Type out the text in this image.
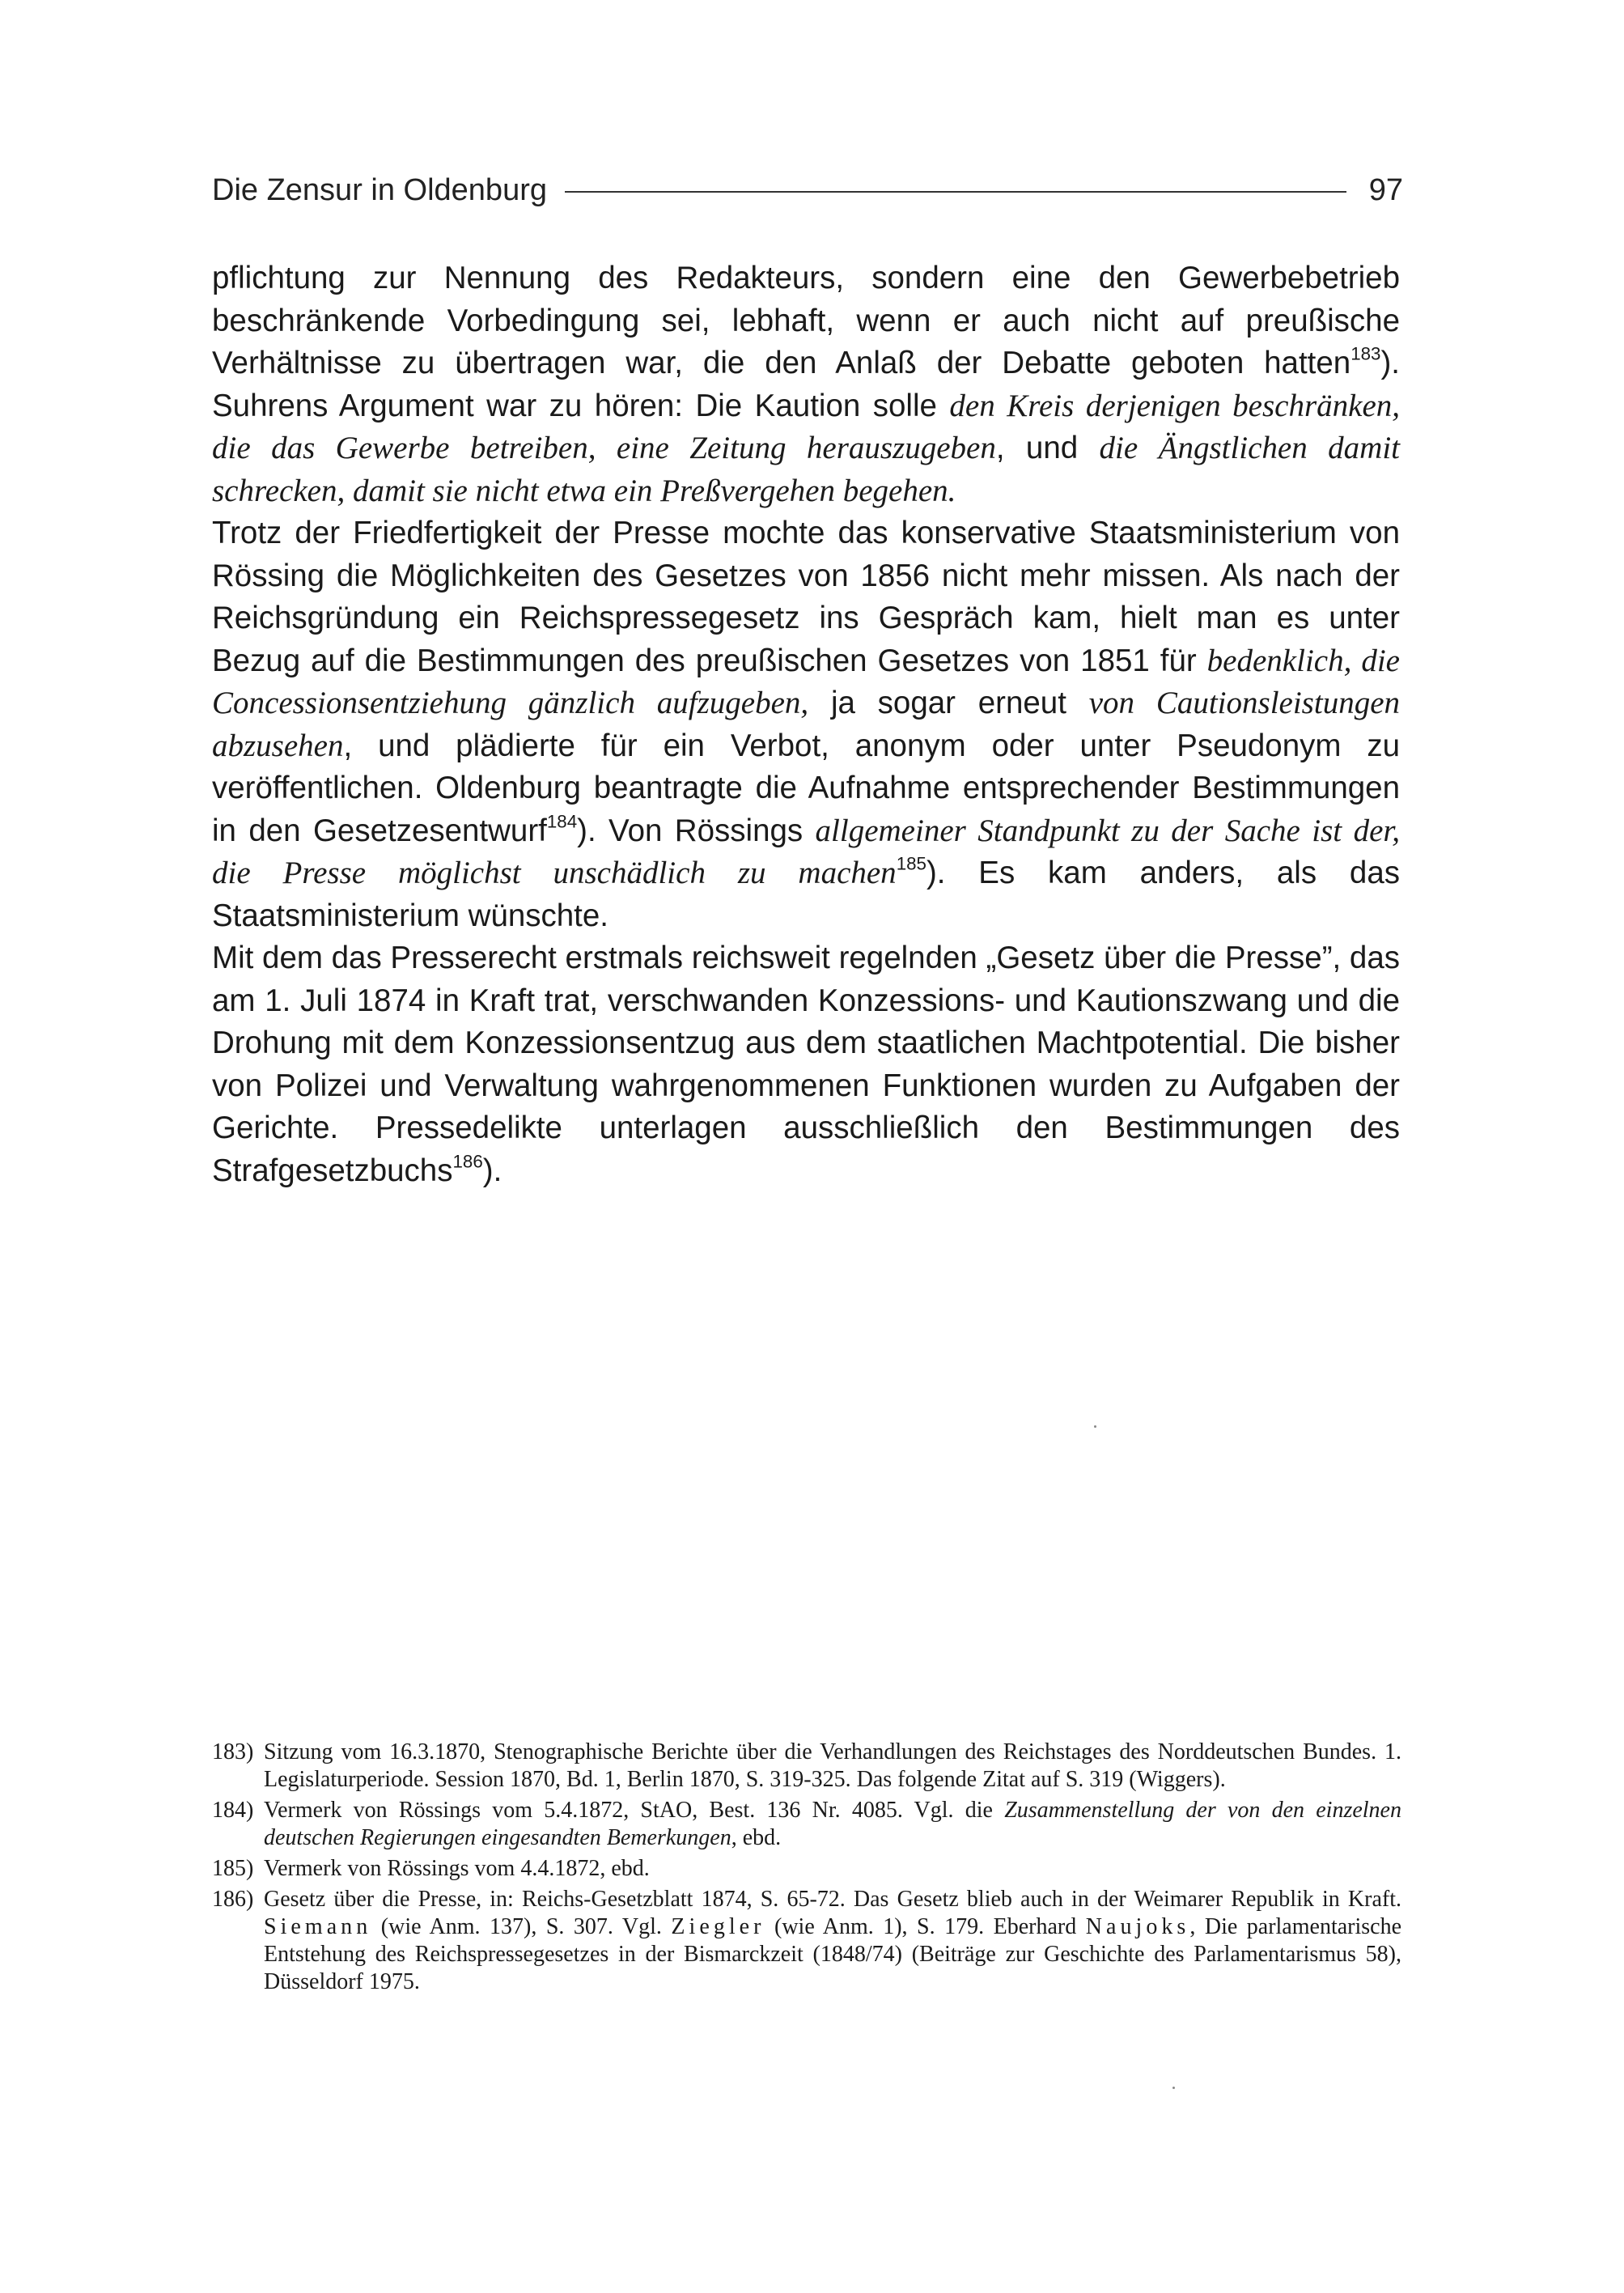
Die Zensur in Oldenburg	97

pflichtung zur Nennung des Redakteurs, sondern eine den Gewerbebetrieb beschränkende Vorbedingung sei, lebhaft, wenn er auch nicht auf preußische Verhältnisse zu übertragen war, die den Anlaß der Debatte geboten hatten$^{183}$). Suhrens Argument war zu hören: Die Kaution solle den Kreis derjenigen beschränken, die das Gewerbe betreiben, eine Zeitung herauszugeben, und die Ängstlichen damit schrecken, damit sie nicht etwa ein Preßvergehen begehen.

Trotz der Friedfertigkeit der Presse mochte das konservative Staatsministerium von Rössing die Möglichkeiten des Gesetzes von 1856 nicht mehr missen. Als nach der Reichsgründung ein Reichspressegesetz ins Gespräch kam, hielt man es unter Bezug auf die Bestimmungen des preußischen Gesetzes von 1851 für bedenklich, die Concessionsentziehung gänzlich aufzugeben, ja sogar erneut von Cautionsleistungen abzusehen, und plädierte für ein Verbot, anonym oder unter Pseudonym zu veröffentlichen. Oldenburg beantragte die Aufnahme entsprechender Bestimmungen in den Gesetzesentwurf$^{184}$). Von Rössings allgemeiner Standpunkt zu der Sache ist der, die Presse möglichst unschädlich zu machen$^{185}$). Es kam anders, als das Staatsministerium wünschte.

Mit dem das Presserecht erstmals reichsweit regelnden „Gesetz über die Presse”, das am 1. Juli 1874 in Kraft trat, verschwanden Konzessions- und Kautionszwang und die Drohung mit dem Konzessionsentzug aus dem staatlichen Machtpotential. Die bisher von Polizei und Verwaltung wahrgenommenen Funktionen wurden zu Aufgaben der Gerichte. Pressedelikte unterlagen ausschließlich den Bestimmungen des Strafgesetzbuchs$^{186}$).

183) Sitzung vom 16.3.1870, Stenographische Berichte über die Verhandlungen des Reichstages des Norddeutschen Bundes. 1. Legislaturperiode. Session 1870, Bd. 1, Berlin 1870, S. 319-325. Das folgende Zitat auf S. 319 (Wiggers).
184) Vermerk von Rössings vom 5.4.1872, StAO, Best. 136 Nr. 4085. Vgl. die Zusammenstellung der von den einzelnen deutschen Regierungen eingesandten Bemerkungen, ebd.
185) Vermerk von Rössings vom 4.4.1872, ebd.
186) Gesetz über die Presse, in: Reichs-Gesetzblatt 1874, S. 65-72. Das Gesetz blieb auch in der Weimarer Republik in Kraft. Siemann (wie Anm. 137), S. 307. Vgl. Ziegler (wie Anm. 1), S. 179. Eberhard Naujoks, Die parlamentarische Entstehung des Reichspressegesetzes in der Bismarckzeit (1848/74) (Beiträge zur Geschichte des Parlamentarismus 58), Düsseldorf 1975.
